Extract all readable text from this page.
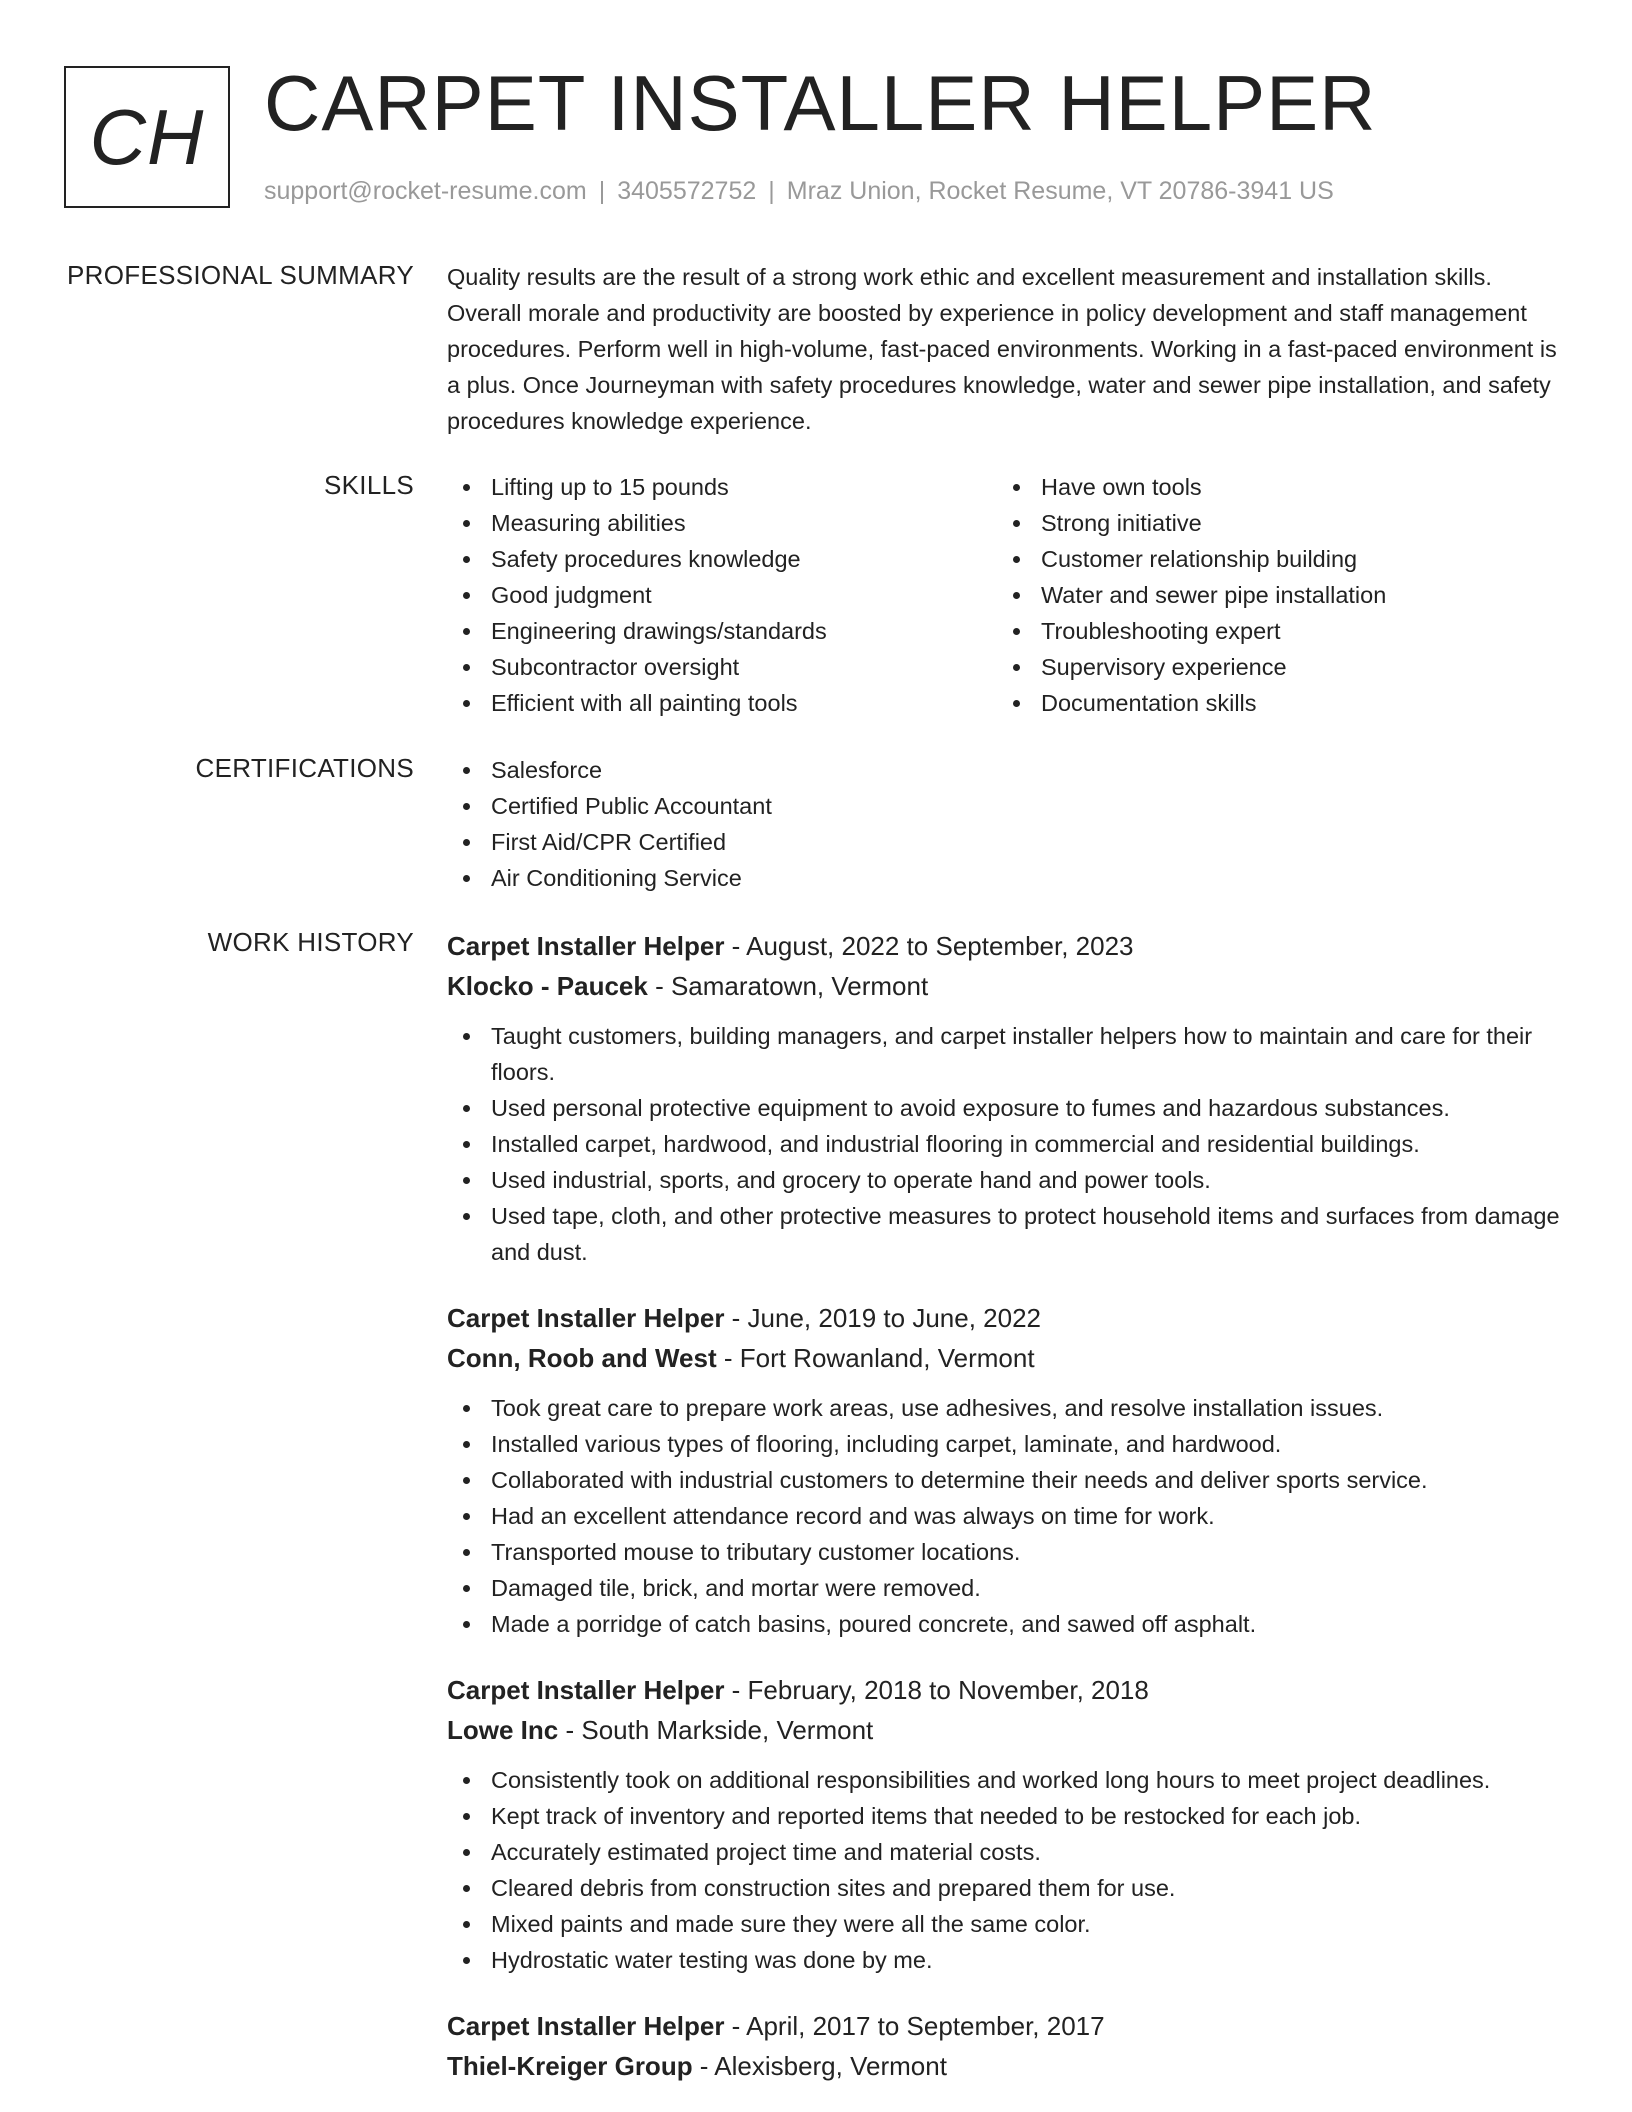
CH CARPET INSTALLER HELPER
support@rocket-resume.com | 3405572752 | Mraz Union, Rocket Resume, VT 20786-3941 US
PROFESSIONAL SUMMARY Quality results are the result of a strong work ethic and excellent measurement and installation skills. Overall morale and productivity are boosted by experience in policy development and staff management procedures. Perform well in high-volume, fast-paced environments. Working in a fast-paced environment is a plus. Once Journeyman with safety procedures knowledge, water and sewer pipe installation, and safety procedures knowledge experience.
SKILLS	Lifting up to 15 pounds
Measuring abilities
Safety procedures knowledge
Good judgment
Engineering drawings/standards
Subcontractor oversight
Efficient with all painting tools
Have own tools
Strong initiative
Customer relationship building
Water and sewer pipe installation
Troubleshooting expert
Supervisory experience
Documentation skills
CERTIFICATIONS	Salesforce
Certified Public Accountant
First Aid/CPR Certified
Air Conditioning Service
WORK HISTORY Carpet Installer Helper - August, 2022 to September, 2023
Klocko - Paucek - Samaratown, Vermont
Taught customers, building managers, and carpet installer helpers how to maintain and care for their floors.
Used personal protective equipment to avoid exposure to fumes and hazardous substances.
Installed carpet, hardwood, and industrial flooring in commercial and residential buildings.
Used industrial, sports, and grocery to operate hand and power tools.
Used tape, cloth, and other protective measures to protect household items and surfaces from damage and dust.
Carpet Installer Helper - June, 2019 to June, 2022
Conn, Roob and West - Fort Rowanland, Vermont
Took great care to prepare work areas, use adhesives, and resolve installation issues.
Installed various types of flooring, including carpet, laminate, and hardwood.
Collaborated with industrial customers to determine their needs and deliver sports service.
Had an excellent attendance record and was always on time for work.
Transported mouse to tributary customer locations.
Damaged tile, brick, and mortar were removed.
Made a porridge of catch basins, poured concrete, and sawed off asphalt.
Carpet Installer Helper - February, 2018 to November, 2018
Lowe Inc - South Markside, Vermont
Consistently took on additional responsibilities and worked long hours to meet project deadlines.
Kept track of inventory and reported items that needed to be restocked for each job.
Accurately estimated project time and material costs.
Cleared debris from construction sites and prepared them for use.
Mixed paints and made sure they were all the same color.
Hydrostatic water testing was done by me.
Carpet Installer Helper - April, 2017 to September, 2017
Thiel-Kreiger Group - Alexisberg, Vermont
